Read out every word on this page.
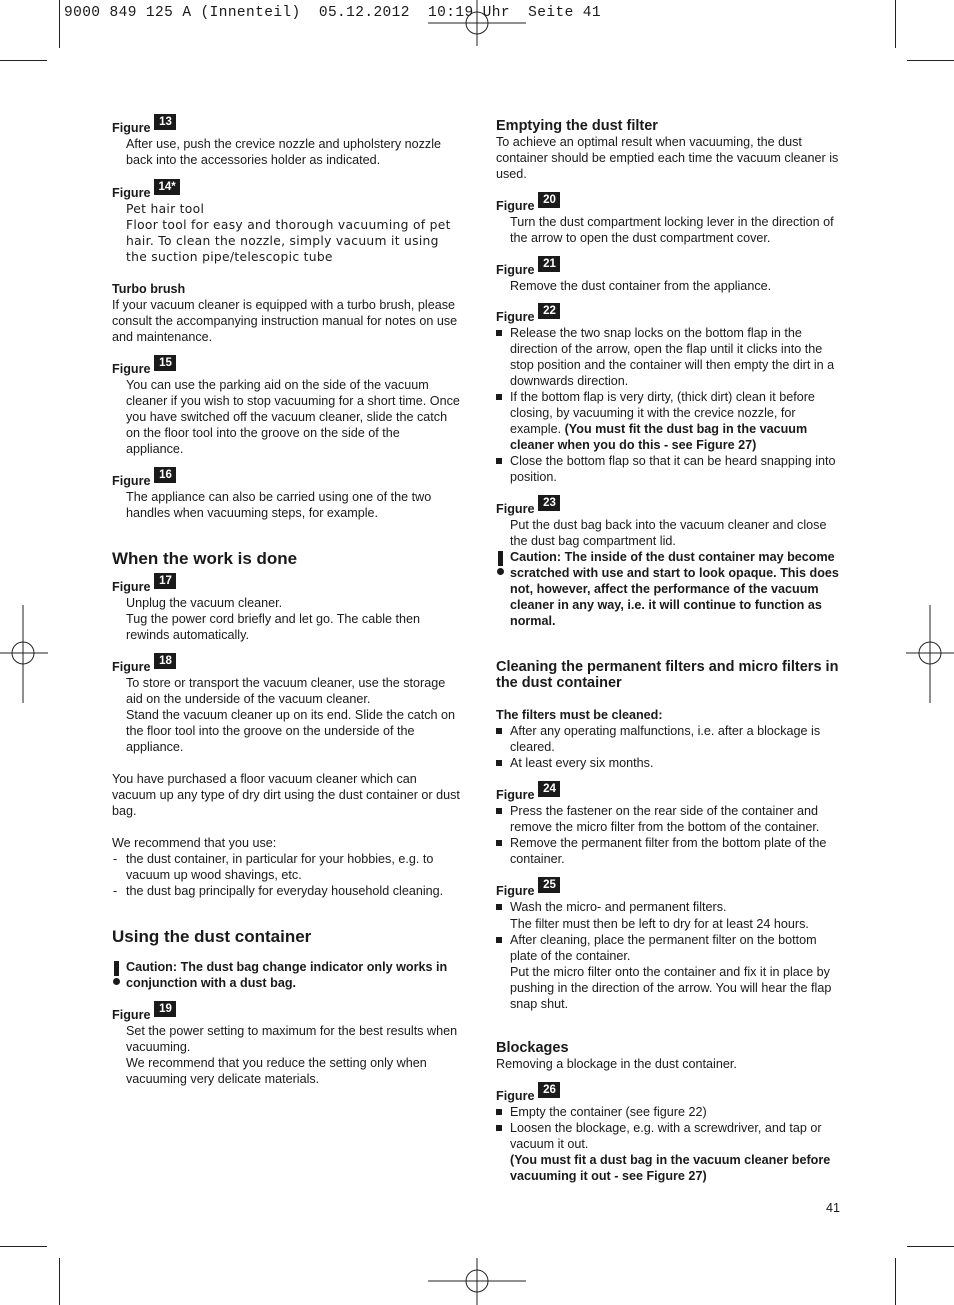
9000 849 125 A (Innenteil)  05.12.2012  10:19 Uhr  Seite 41
Figure 13

After use, push the crevice nozzle and upholstery nozzle back into the accessories holder as indicated.

Figure 14*

Pet hair tool

Floor tool for easy and thorough vacuuming of pet hair. To clean the nozzle, simply vacuum it using the suction pipe/telescopic tube

Turbo brush

If your vacuum cleaner is equipped with a turbo brush, please consult the accompanying instruction manual for notes on use and maintenance.

Figure 15

You can use the parking aid on the side of the vacuum cleaner if you wish to stop vacuuming for a short time. Once you have switched off the vacuum cleaner, slide the catch on the floor tool into the groove on the side of the appliance.

Figure 16

The appliance can also be carried using one of the two handles when vacuuming steps, for example.

When the work is done
Figure 17

Unplug the vacuum cleaner.

Tug the power cord briefly and let go. The cable then rewinds automatically.

Figure 18

To store or transport the vacuum cleaner, use the storage aid on the underside of the vacuum cleaner.

Stand the vacuum cleaner up on its end. Slide the catch on the floor tool into the groove on the underside of the appliance.

You have purchased a floor vacuum cleaner which can vacuum up any type of dry dirt using the dust container or dust bag.

We recommend that you use:

- the dust container, in particular for your hobbies, e.g. to vacuum up wood shavings, etc.
- the dust bag principally for everyday household cleaning.
Using the dust container
Caution: The dust bag change indicator only works in conjunction with a dust bag.
Figure 19

Set the power setting to maximum for the best results when vacuuming.

We recommend that you reduce the setting only when vacuuming very delicate materials.

Emptying the dust filter

To achieve an optimal result when vacuuming, the dust container should be emptied each time the vacuum cleaner is used.

Figure 20

Turn the dust compartment locking lever in the direction of the arrow to open the dust compartment cover.

Figure 21

Remove the dust container from the appliance.

Figure 22
Release the two snap locks on the bottom flap in the direction of the arrow, open the flap until it clicks into the stop position and the container will then empty the dirt in a downwards direction.
If the bottom flap is very dirty, (thick dirt) clean it before closing, by vacuuming it with the crevice nozzle, for example. (You must fit the dust bag in the vacuum cleaner when you do this - see Figure 27)
Close the bottom flap so that it can be heard snapping into position.
Figure 23

Put the dust bag back into the vacuum cleaner and close the dust bag compartment lid.

Caution: The inside of the dust container may become scratched with use and start to look opaque. This does not, however, affect the performance of the vacuum cleaner in any way, i.e. it will continue to function as normal.
Cleaning the permanent filters and micro filters in the dust container
The filters must be cleaned:
After any operating malfunctions, i.e. after a blockage is cleared.
At least every six months.
Figure 24
Press the fastener on the rear side of the container and remove the micro filter from the bottom of the container.
Remove the permanent filter from the bottom plate of the container.
Figure 25
Wash the micro- and permanent filters.

The filter must then be left to dry for at least 24 hours.

After cleaning, place the permanent filter on the bottom plate of the container.

Put the micro filter onto the container and fix it in place by pushing in the direction of the arrow. You will hear the flap snap shut.

Blockages

Removing a blockage in the dust container.

Figure 26
Empty the container (see figure 22)
Loosen the blockage, e.g. with a screwdriver, and tap or vacuum it out.

(You must fit a dust bag in the vacuum cleaner before vacuuming it out - see Figure 27)

41
